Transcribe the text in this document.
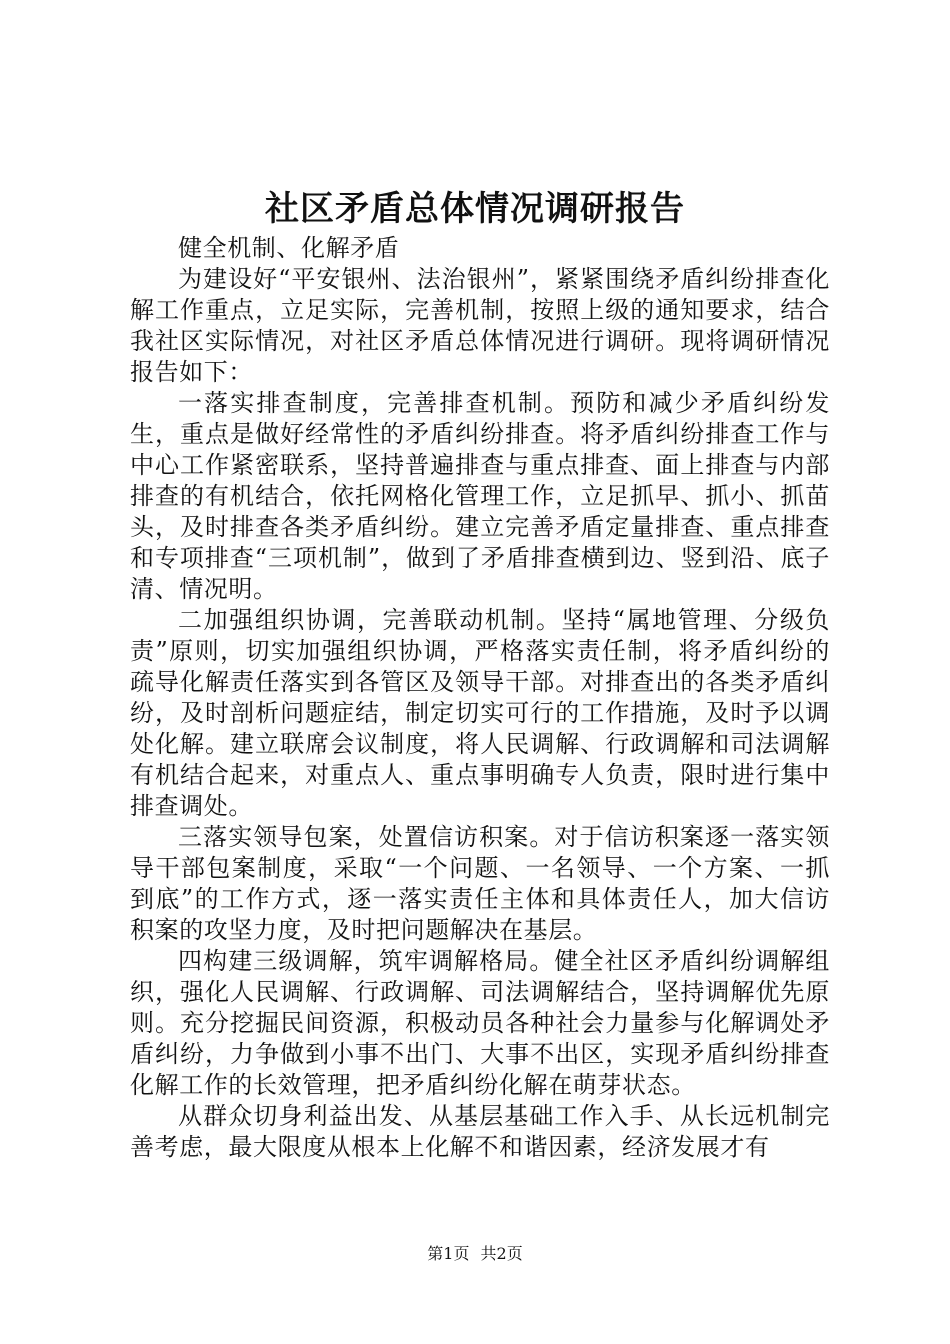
社区矛盾总体情况调研报告

健全机制、化解矛盾

为建设好“平安银州、法治银州”，紧紧围绕矛盾纠纷排查化解工作重点，立足实际，完善机制，按照上级的通知要求，结合我社区实际情况，对社区矛盾总体情况进行调研。现将调研情况报告如下：

一落实排查制度，完善排查机制。预防和减少矛盾纠纷发生，重点是做好经常性的矛盾纠纷排查。将矛盾纠纷排查工作与中心工作紧密联系，坚持普遍排查与重点排查、面上排查与内部排查的有机结合，依托网格化管理工作，立足抓早、抓小、抓苗头，及时排查各类矛盾纠纷。建立完善矛盾定量排查、重点排查和专项排查“三项机制”，做到了矛盾排查横到边、竖到沿、底子清、情况明。

二加强组织协调，完善联动机制。坚持“属地管理、分级负责”原则，切实加强组织协调，严格落实责任制，将矛盾纠纷的疏导化解责任落实到各管区及领导干部。对排查出的各类矛盾纠纷，及时剖析问题症结，制定切实可行的工作措施，及时予以调处化解。建立联席会议制度，将人民调解、行政调解和司法调解有机结合起来，对重点人、重点事明确专人负责，限时进行集中排查调处。

三落实领导包案，处置信访积案。对于信访积案逐一落实领导干部包案制度，采取“一个问题、一名领导、一个方案、一抓到底”的工作方式，逐一落实责任主体和具体责任人，加大信访积案的攻坚力度，及时把问题解决在基层。

四构建三级调解，筑牢调解格局。健全社区矛盾纠纷调解组织，强化人民调解、行政调解、司法调解结合，坚持调解优先原则。充分挖掘民间资源，积极动员各种社会力量参与化解调处矛盾纠纷，力争做到小事不出门、大事不出区，实现矛盾纠纷排查化解工作的长效管理，把矛盾纠纷化解在萌芽状态。

从群众切身利益出发、从基层基础工作入手、从长远机制完善考虑，最大限度从根本上化解不和谐因素，经济发展才有

第1页 共2页
